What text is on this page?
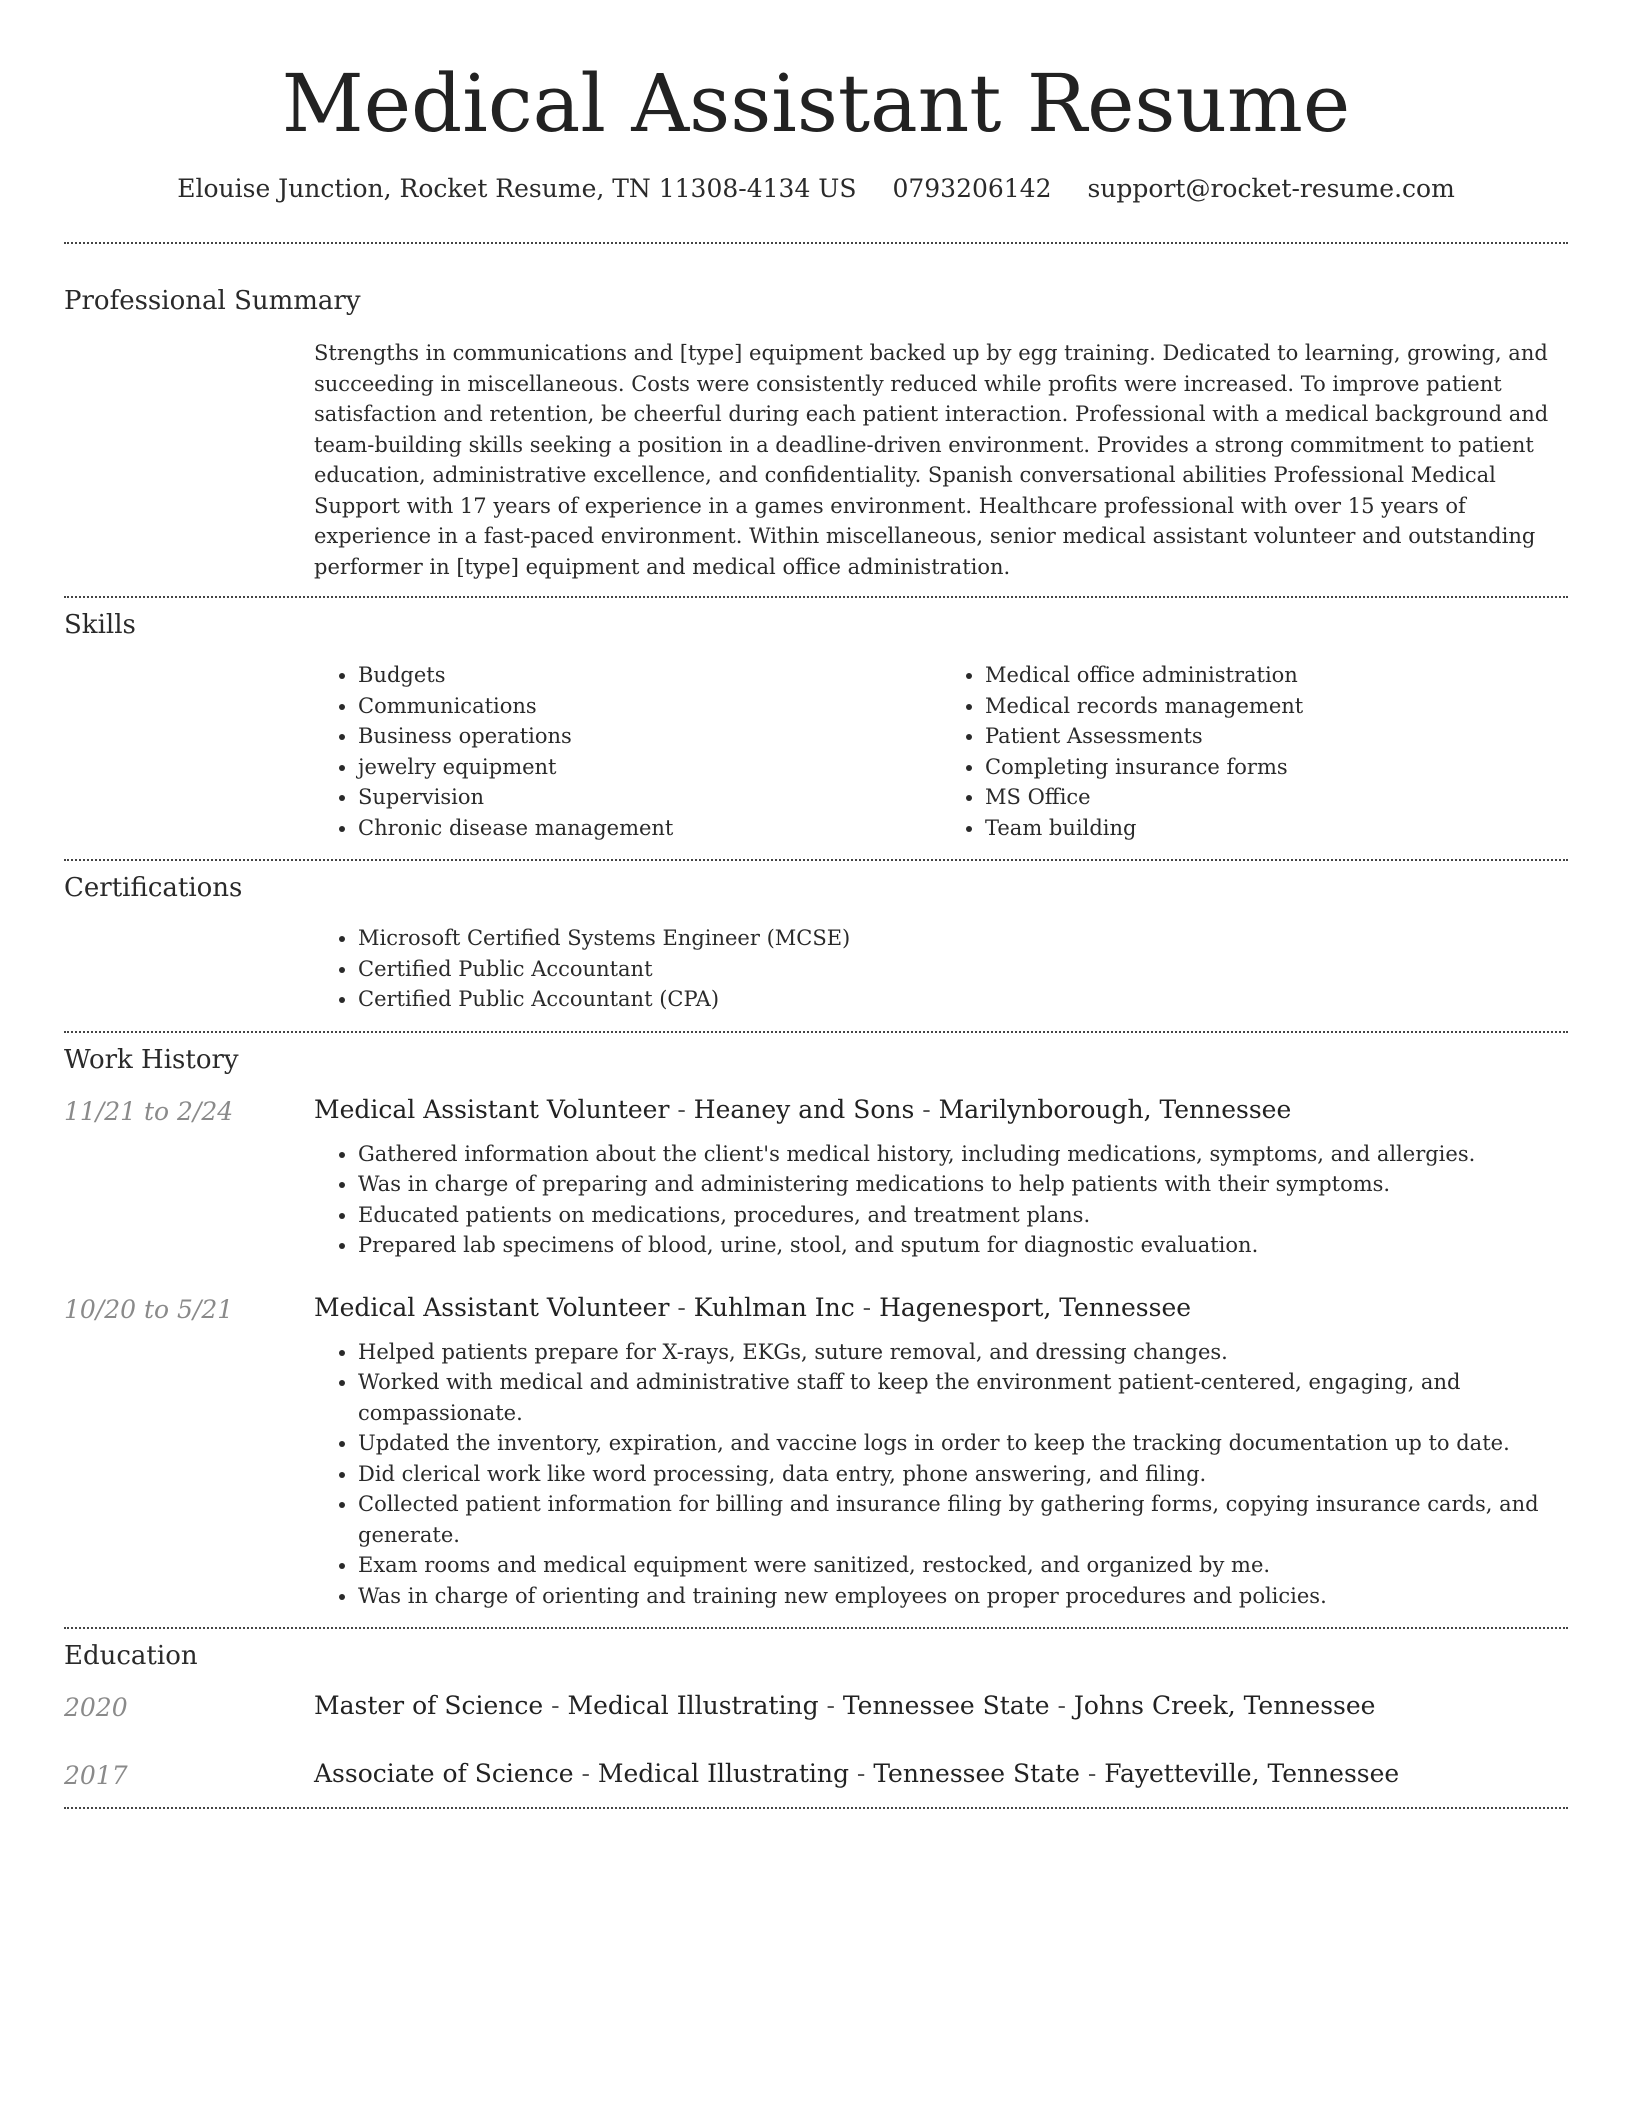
Medical Assistant Resume
Elouise Junction, Rocket Resume, TN 11308-4134 US 0793206142 support@rocket-resume.com
Professional Summary
Strengths in communications and [type] equipment backed up by egg training. Dedicated to learning, growing, and succeeding in miscellaneous. Costs were consistently reduced while profits were increased. To improve patient satisfaction and retention, be cheerful during each patient interaction. Professional with a medical background and team-building skills seeking a position in a deadline-driven environment. Provides a strong commitment to patient education, administrative excellence, and confidentiality. Spanish conversational abilities Professional Medical Support with 17 years of experience in a games environment. Healthcare professional with over 15 years of experience in a fast-paced environment. Within miscellaneous, senior medical assistant volunteer and outstanding performer in [type] equipment and medical office administration.
Skills
• Budgets
• Communications
• Business operations
• jewelry equipment
• Supervision
• Chronic disease management
• Medical office administration
• Medical records management
• Patient Assessments
• Completing insurance forms
• MS Office
• Team building
Certifications
• Microsoft Certified Systems Engineer (MCSE)
• Certified Public Accountant
• Certified Public Accountant (CPA)
Work History
11/21 to 2/24	Medical Assistant Volunteer - Heaney and Sons - Marilynborough, Tennessee
• Gathered information about the client's medical history, including medications, symptoms, and allergies.
• Was in charge of preparing and administering medications to help patients with their symptoms.
• Educated patients on medications, procedures, and treatment plans.
• Prepared lab specimens of blood, urine, stool, and sputum for diagnostic evaluation.
10/20 to 5/21	Medical Assistant Volunteer - Kuhlman Inc - Hagenesport, Tennessee
• Helped patients prepare for X-rays, EKGs, suture removal, and dressing changes.
• Worked with medical and administrative staff to keep the environment patient-centered, engaging, and compassionate.
• Updated the inventory, expiration, and vaccine logs in order to keep the tracking documentation up to date.
• Did clerical work like word processing, data entry, phone answering, and filing.
• Collected patient information for billing and insurance filing by gathering forms, copying insurance cards, and generate.
• Exam rooms and medical equipment were sanitized, restocked, and organized by me.
• Was in charge of orienting and training new employees on proper procedures and policies.
Education
2020	Master of Science - Medical Illustrating - Tennessee State - Johns Creek, Tennessee
2017	Associate of Science - Medical Illustrating - Tennessee State - Fayetteville, Tennessee
